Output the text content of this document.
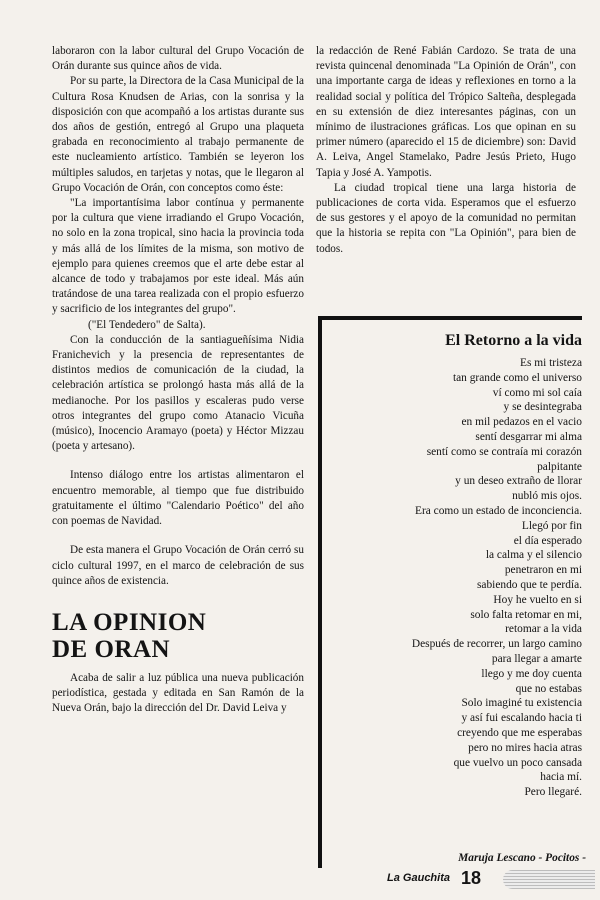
laboraron con la labor cultural del Grupo Vocación de Orán durante sus quince años de vida.

Por su parte, la Directora de la Casa Municipal de la Cultura Rosa Knudsen de Arias, con la sonrisa y la disposición con que acompañó a los artistas durante sus dos años de gestión, entregó al Grupo una plaqueta grabada en reconocimiento al trabajo permanente de este nucleamiento artístico. También se leyeron los múltiples saludos, en tarjetas y notas, que le llegaron al Grupo Vocación de Orán, con conceptos como éste:

"La importantísima labor contínua y permanente por la cultura que viene irradiando el Grupo Vocación, no solo en la zona tropical, sino hacia la provincia toda y más allá de los límites de la misma, son motivo de ejemplo para quienes creemos que el arte debe estar al alcance de todo y trabajamos por este ideal. Más aún tratándose de una tarea realizada con el propio esfuerzo y sacrificio de los integrantes del grupo".

("El Tendedero" de Salta).

Con la conducción de la santiagueñísima Nidia Franichevich y la presencia de representantes de distintos medios de comunicación de la ciudad, la celebración artística se prolongó hasta más allá de la medianoche. Por los pasillos y escaleras pudo verse otros integrantes del grupo como Atanacio Vicuña (músico), Inocencio Aramayo (poeta) y Héctor Mizzau (poeta y artesano).

Intenso diálogo entre los artistas alimentaron el encuentro memorable, al tiempo que fue distribuido gratuitamente el último "Calendario Poético" del año con poemas de Navidad.

De esta manera el Grupo Vocación de Orán cerró su ciclo cultural 1997, en el marco de celebración de sus quince años de existencia.

LA OPINION
DE ORAN

Acaba de salir a luz pública una nueva publicación periodística, gestada y editada en San Ramón de la Nueva Orán, bajo la dirección del Dr. David Leiva y

la redacción de René Fabián Cardozo. Se trata de una revista quincenal denominada "La Opinión de Orán", con una importante carga de ideas y reflexiones en torno a la realidad social y política del Trópico Salteña, desplegada en su extensión de diez interesantes páginas, con un mínimo de ilustraciones gráficas. Los que opinan en su primer número (aparecido el 15 de diciembre) son: David A. Leiva, Angel Stamelako, Padre Jesús Prieto, Hugo Tapia y José A. Yampotis.

La ciudad tropical tiene una larga historia de publicaciones de corta vida. Esperamos que el esfuerzo de sus gestores y el apoyo de la comunidad no permitan que la historia se repita con "La Opinión", para bien de todos.

El Retorno a la vida
Es mi tristeza
tan grande como el universo
ví como mi sol caía
y se desintegraba
en mil pedazos en el vacio
sentí desgarrar mi alma
sentí como se contraía mi corazón
palpitante
y un deseo extraño de llorar
nubló mis ojos.
Era como un estado de inconciencia.
Llegó por fin
el día esperado
la calma y el silencio
penetraron en mi
sabiendo que te perdía.
Hoy he vuelto en si
solo falta retomar en mi,
retomar a la vida
Después de recorrer, un largo camino
para llegar a amarte
llego y me doy cuenta
que no estabas
Solo imaginé tu existencia
y así fui escalando hacia ti
creyendo que me esperabas
pero no mires hacia atras
que vuelvo un poco cansada
hacia mí.
Pero llegaré.
Maruja Lescano - Pocitos -
La Gauchita 18
